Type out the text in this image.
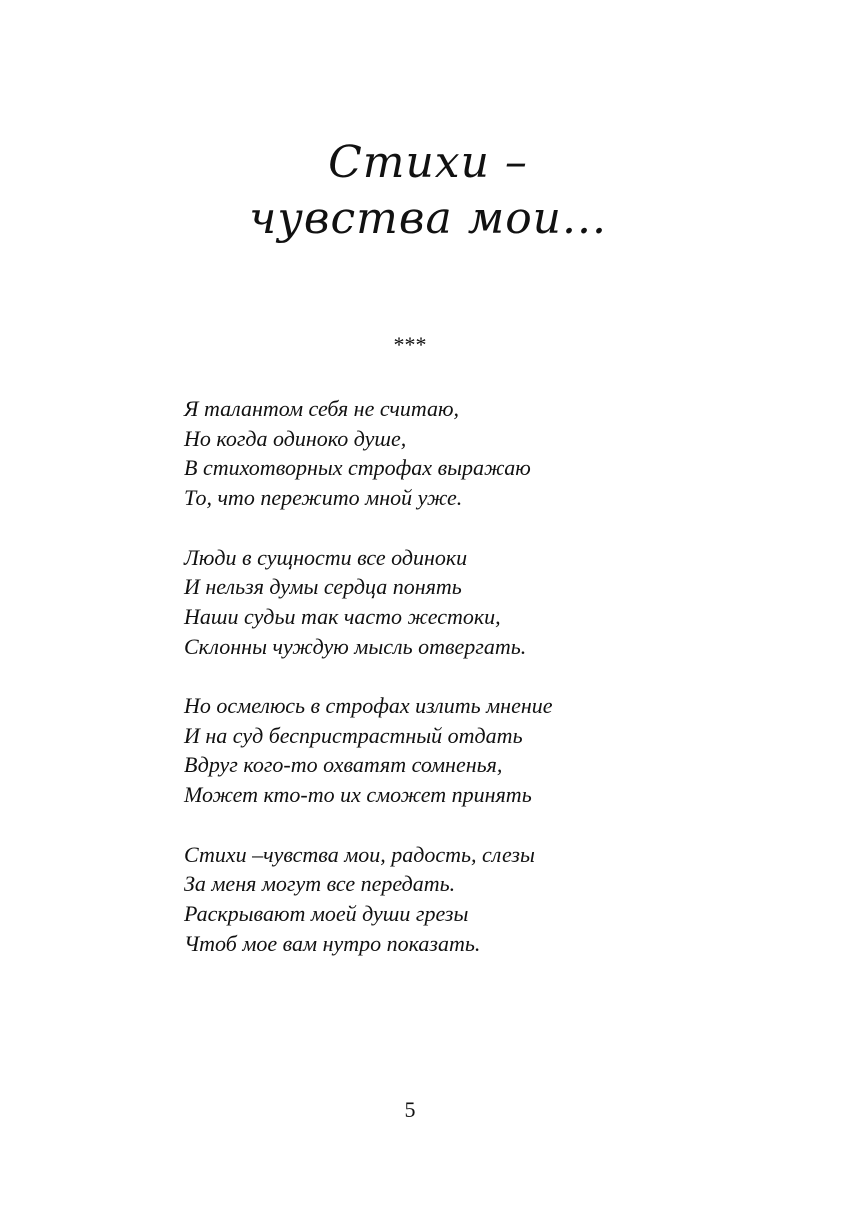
Стихи –
чувства мои...
***
Я талантом себя не считаю,
Но когда одиноко душе,
В стихотворных строфах выражаю
То, что пережито мной уже.
Люди в сущности все одиноки
И нельзя думы сердца понять
Наши судьи так часто жестоки,
Склонны чуждую мысль отвергать.
Но осмелюсь в строфах излить мнение
И на суд беспристрастный отдать
Вдруг кого-то охватят сомненья,
Может кто-то их сможет принять
Стихи –чувства мои, радость, слезы
За меня могут все передать.
Раскрывают моей души грезы
Чтоб мое вам нутро показать.
5
